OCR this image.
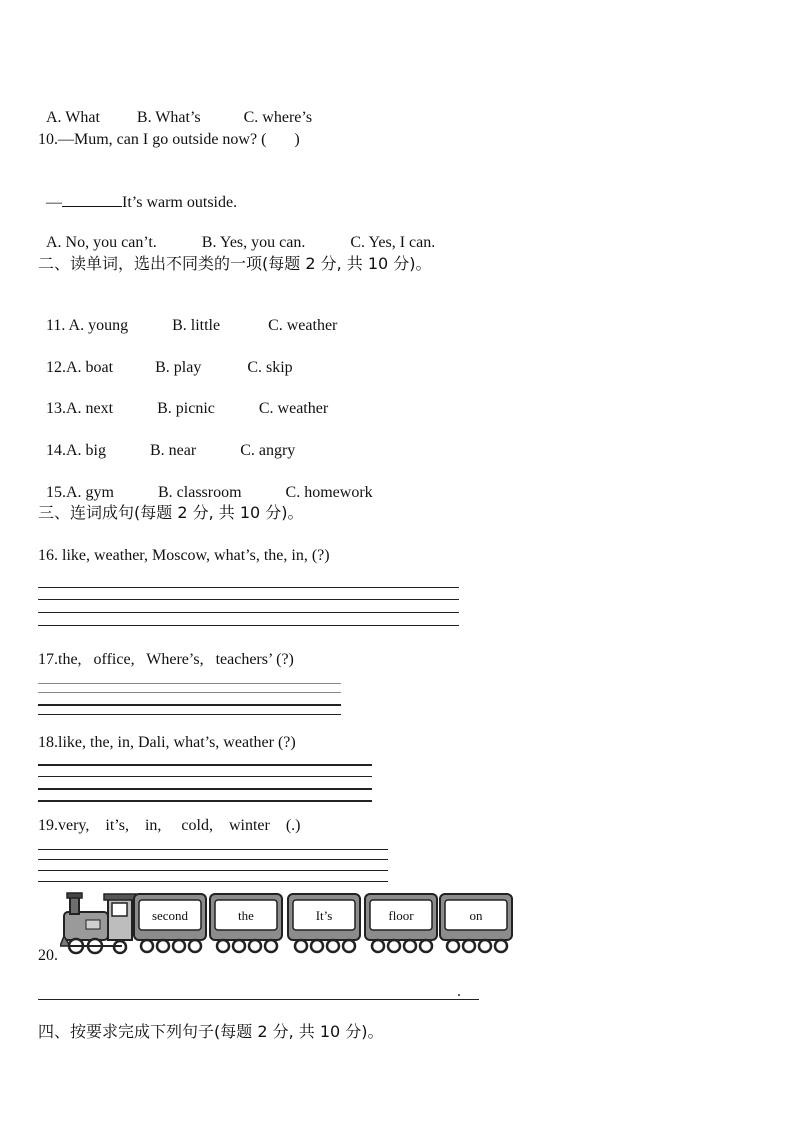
A. What B. What’s	C. where’s

10.—Mum, can I go outside now? (       )

—	It’s warm outside.

A. No, you can’t.	B. Yes, you can.	C. Yes, I can.

二、读单词，选出不同类的一项(每题 2 分, 共 10 分)。

11. A. young	B. little	C. weather

12.A. boat	B. play	C. skip

13.A. next	B. picnic	C. weather

14.A. big	B. near	C. angry

15.A. gym	B. classroom	C. homework

三、连词成句(每题 2 分, 共 10 分)。
16. like, weather, Moscow, what’s, the, in, (?)
17.the,   office,   Where’s,   teachers’ (?)
18.like, the, in, Dali, what’s, weather (?)
19.very,    it’s,    in,     cold,    winter    (.)
20.
second	the	It’s	floor	on
.
四、按要求完成下列句子(每题 2 分, 共 10 分)。
